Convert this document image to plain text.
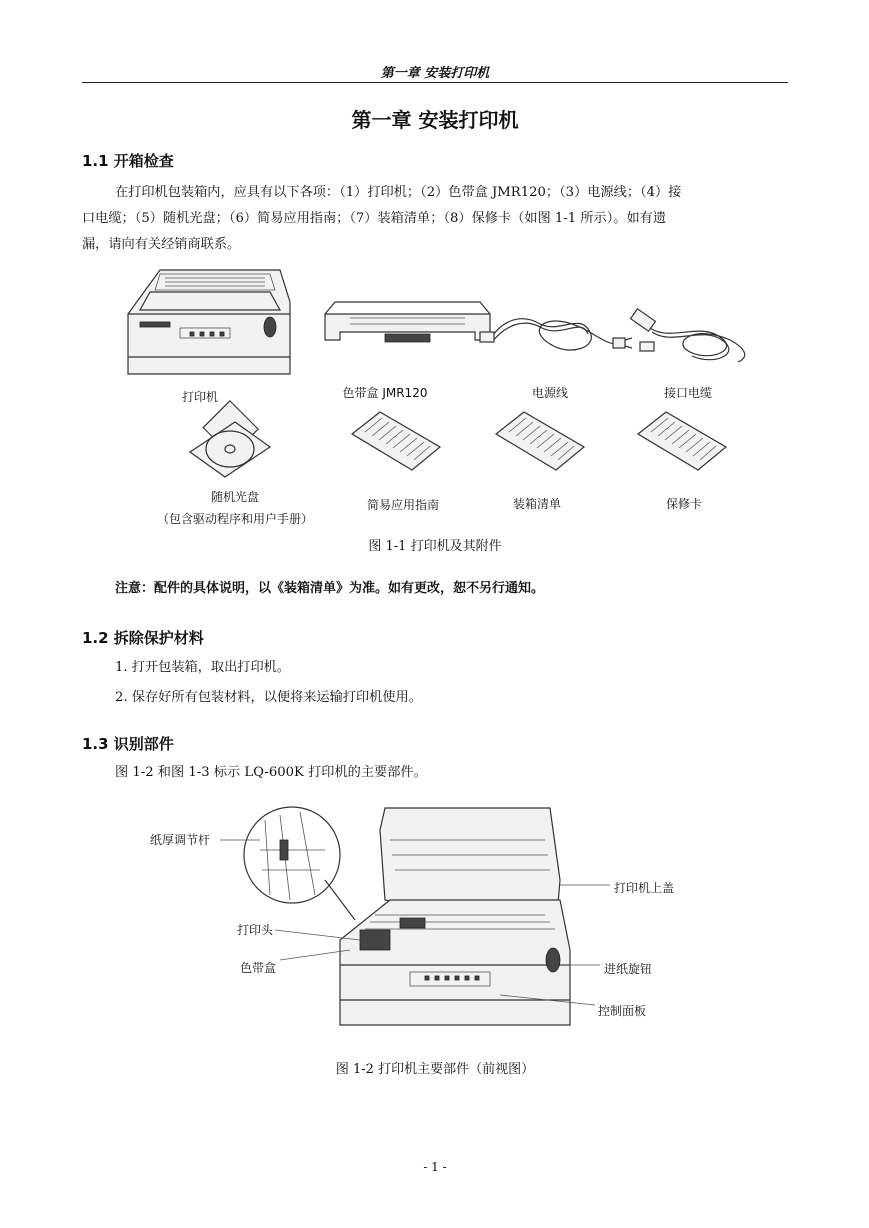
第一章 安装打印机
第一章 安装打印机
1.1 开箱检查
在打印机包装箱内，应具有以下各项：（1）打印机；（2）色带盒 JMR120；（3）电源线；（4）接
口电缆；（5）随机光盘；（6）简易应用指南；（7）装箱清单；（8）保修卡（如图 1-1 所示）。如有遗
漏，请向有关经销商联系。
打印机	色带盒 JMR120	电源线	接口电缆
随机光盘
（包含驱动程序和用户手册）
简易应用指南	装箱清单	保修卡
图 1-1 打印机及其附件
注意：配件的具体说明，以《装箱清单》为准。如有更改，恕不另行通知。
1.2 拆除保护材料
1. 打开包装箱，取出打印机。
2. 保存好所有包装材料，以便将来运输打印机使用。
1.3 识别部件
图 1-2 和图 1-3 标示 LQ-600K 打印机的主要部件。
纸厚调节杆
打印头
色带盒
打印机上盖
进纸旋钮
控制面板
图 1-2 打印机主要部件（前视图）
- 1 -
